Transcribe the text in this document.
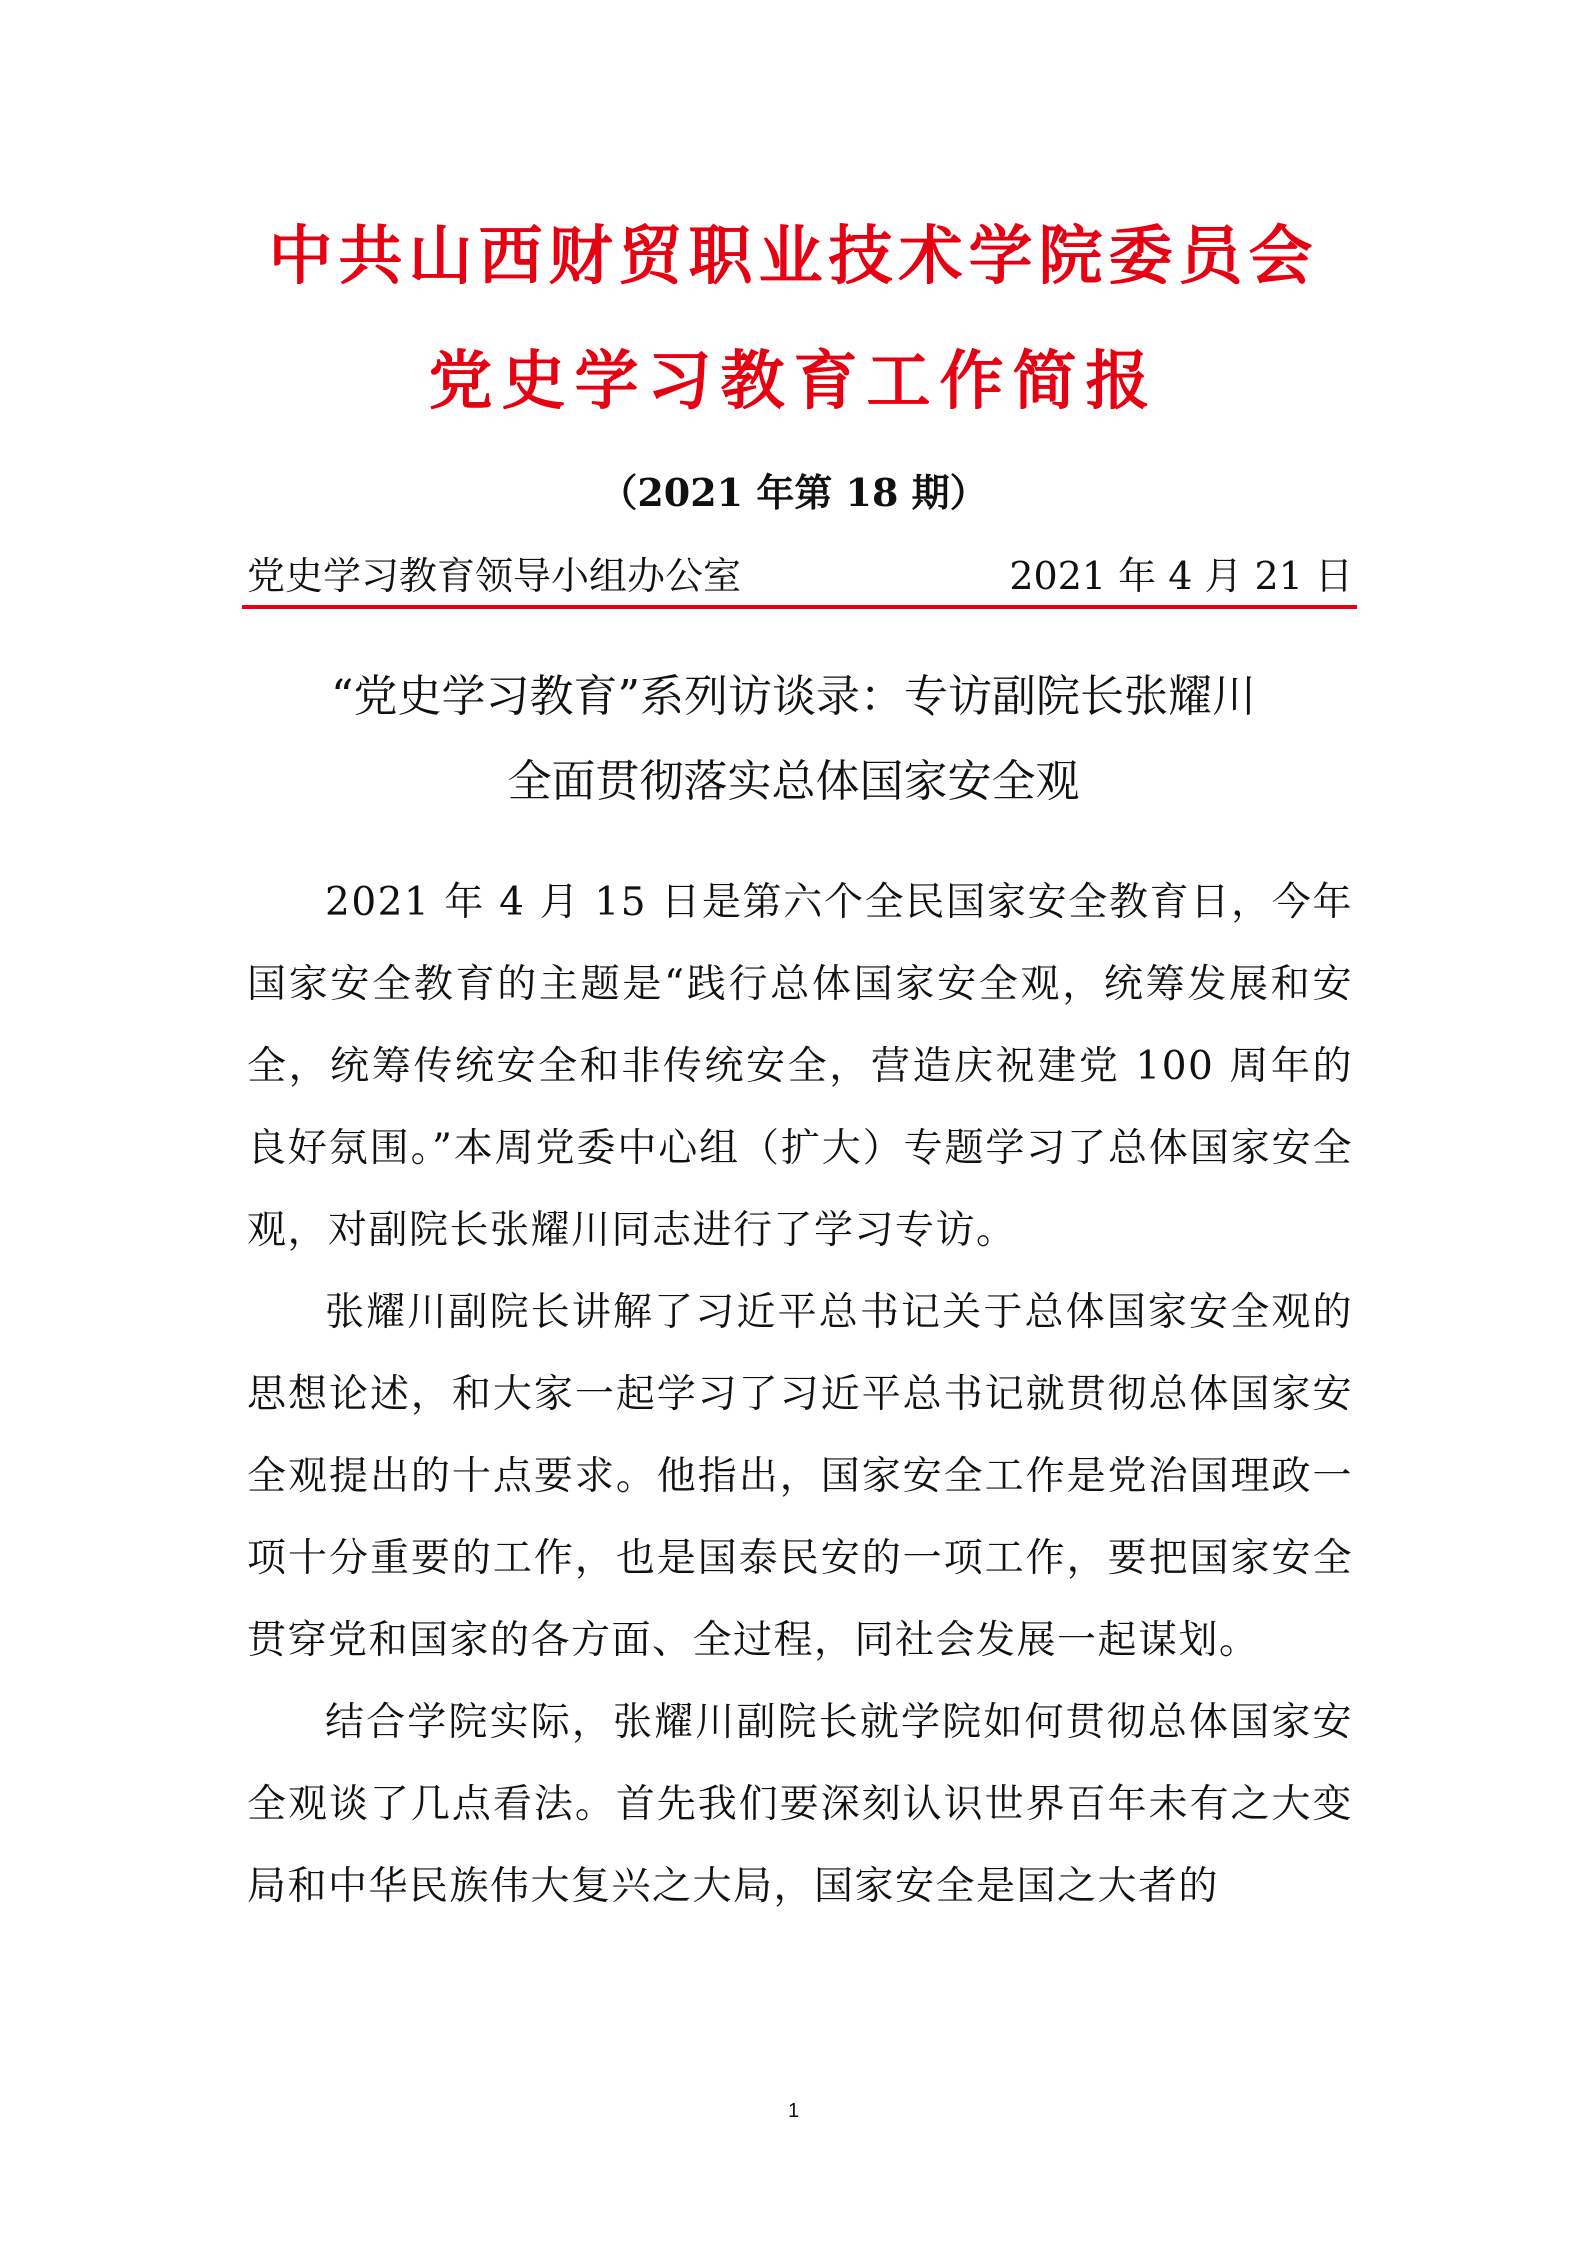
中共山西财贸职业技术学院委员会
党史学习教育工作简报
（2021 年第 18 期）
党史学习教育领导小组办公室	2021 年 4 月 21 日
“党史学习教育”系列访谈录：专访副院长张耀川
全面贯彻落实总体国家安全观

2021 年 4 月 15 日是第六个全民国家安全教育日，今年国家安全教育的主题是“践行总体国家安全观，统筹发展和安全，统筹传统安全和非传统安全，营造庆祝建党 100 周年的良好氛围。”本周党委中心组（扩大）专题学习了总体国家安全观，对副院长张耀川同志进行了学习专访。

张耀川副院长讲解了习近平总书记关于总体国家安全观的思想论述，和大家一起学习了习近平总书记就贯彻总体国家安全观提出的十点要求。他指出，国家安全工作是党治国理政一项十分重要的工作，也是国泰民安的一项工作，要把国家安全贯穿党和国家的各方面、全过程，同社会发展一起谋划。

结合学院实际，张耀川副院长就学院如何贯彻总体国家安全观谈了几点看法。首先我们要深刻认识世界百年未有之大变局和中华民族伟大复兴之大局，国家安全是国之大者的

1
